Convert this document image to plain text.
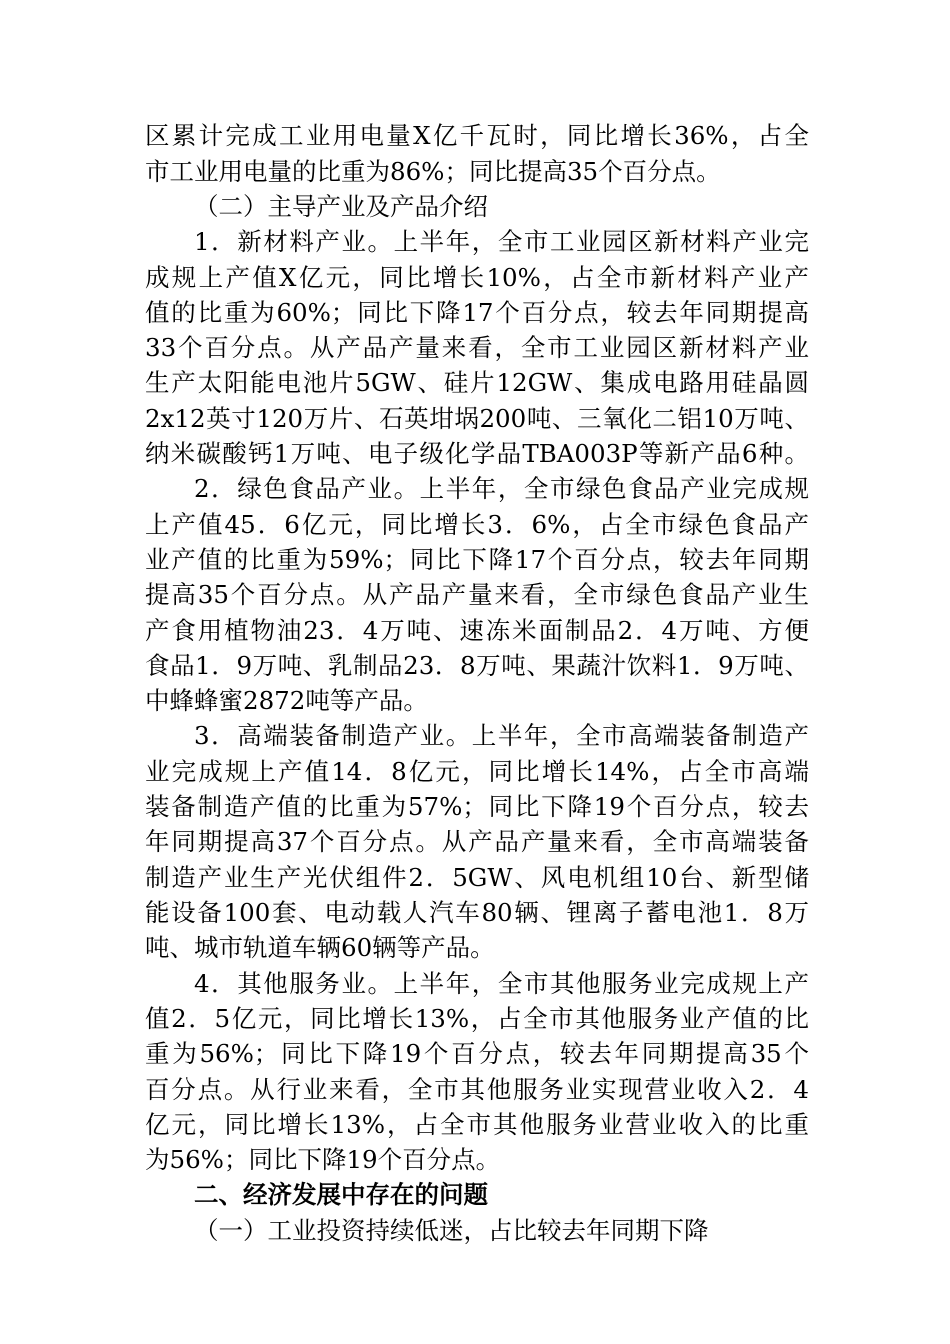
区累计完成工业用电量X亿千瓦时，同比增长36%，占全
市工业用电量的比重为86%；同比提高35个百分点。
（二）主导产业及产品介绍
1．新材料产业。上半年，全市工业园区新材料产业完
成规上产值X亿元，同比增长10%，占全市新材料产业产
值的比重为60%；同比下降17个百分点，较去年同期提高
33个百分点。从产品产量来看，全市工业园区新材料产业
生产太阳能电池片5GW、硅片12GW、集成电路用硅晶圆
2x12英寸120万片、石英坩埚200吨、三氧化二铝10万吨、
纳米碳酸钙1万吨、电子级化学品TBA003P等新产品6种。
2．绿色食品产业。上半年，全市绿色食品产业完成规
上产值45．6亿元，同比增长3．6%，占全市绿色食品产
业产值的比重为59%；同比下降17个百分点，较去年同期
提高35个百分点。从产品产量来看，全市绿色食品产业生
产食用植物油23．4万吨、速冻米面制品2．4万吨、方便
食品1．9万吨、乳制品23．8万吨、果蔬汁饮料1．9万吨、
中蜂蜂蜜2872吨等产品。
3．高端装备制造产业。上半年，全市高端装备制造产
业完成规上产值14．8亿元，同比增长14%，占全市高端
装备制造产值的比重为57%；同比下降19个百分点，较去
年同期提高37个百分点。从产品产量来看，全市高端装备
制造产业生产光伏组件2．5GW、风电机组10台、新型储
能设备100套、电动载人汽车80辆、锂离子蓄电池1．8万
吨、城市轨道车辆60辆等产品。
4．其他服务业。上半年，全市其他服务业完成规上产
值2．5亿元，同比增长13%，占全市其他服务业产值的比
重为56%；同比下降19个百分点，较去年同期提高35个
百分点。从行业来看，全市其他服务业实现营业收入2．4
亿元，同比增长13%，占全市其他服务业营业收入的比重
为56%；同比下降19个百分点。
二、经济发展中存在的问题
（一）工业投资持续低迷，占比较去年同期下降
